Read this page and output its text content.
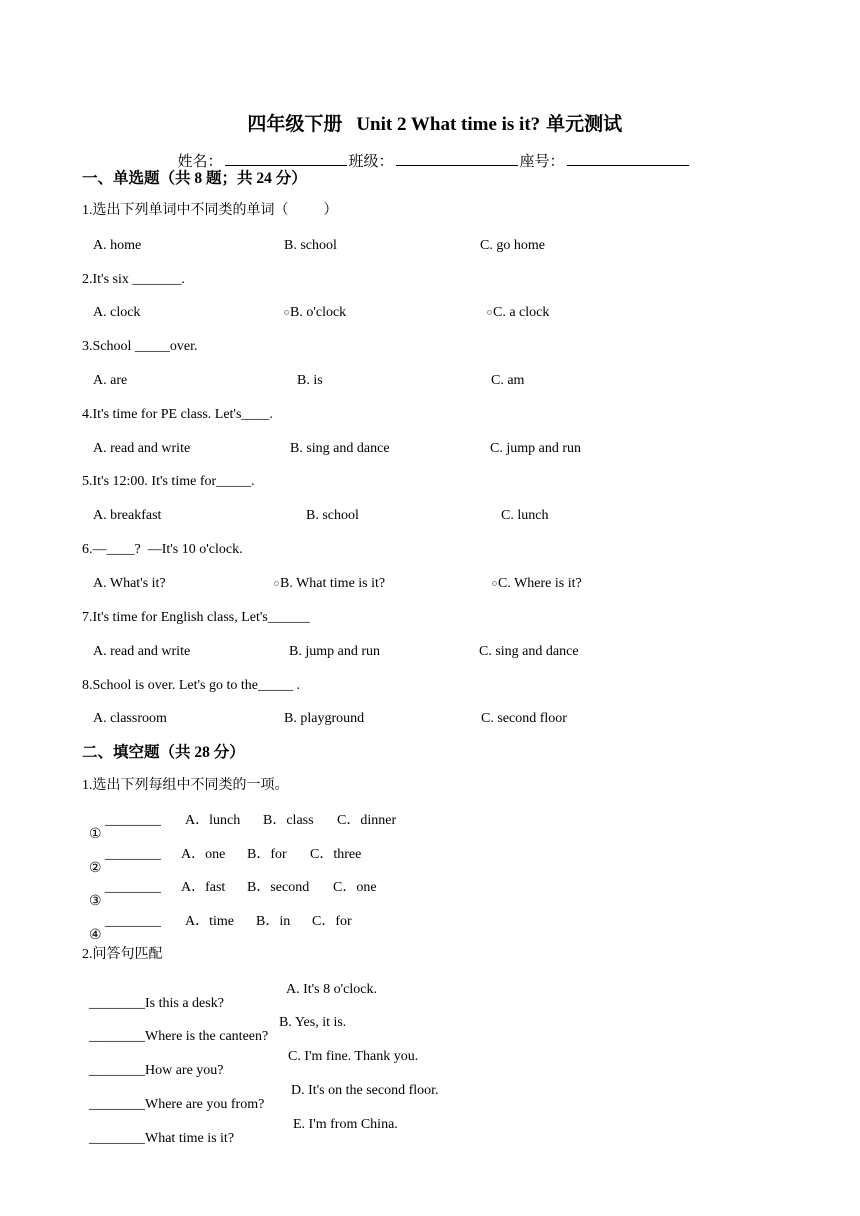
四年级下册 Unit 2 What time is it? 单元测试

姓名：	班级：	座号：

一、单选题（共 8 题；共 24 分）
1.选出下列单词中不同类的单词（          ）
A. home	B. school	C. go home
2.It's six _______.
A. clock	B. o'clock	C. a clock
3.School _____over.
A. are	B. is	C. am
4.It's time for PE class. Let's____.
A. read and write	B. sing and dance	C. jump and run
5.It's 12:00. It's time for_____.
A. breakfast	B. school	C. lunch
6.—____?  —It's 10 o'clock.
A. What's it?	B. What time is it?	C. Where is it?
7.It's time for English class, Let's______
A. read and write	B. jump and run	C. sing and dance
8.School is over. Let's go to the_____ .
A. classroom	B. playground	C. second floor
二、填空题（共 28 分）
1.选出下列每组中不同类的一项。

①

________ A．lunch B．class C．dinner

②

________ A．one B．for C．three

③

________ A．fast B．second C．one

④

________ A．time B．in C．for
2.问答句匹配

________Is this a desk?

A. It's 8 o'clock.

________Where is the canteen?

B. Yes, it is.

________How are you?

C. I'm fine. Thank you.

________Where are you from?

D. It's on the second floor.

________What time is it?

E. I'm from China.
